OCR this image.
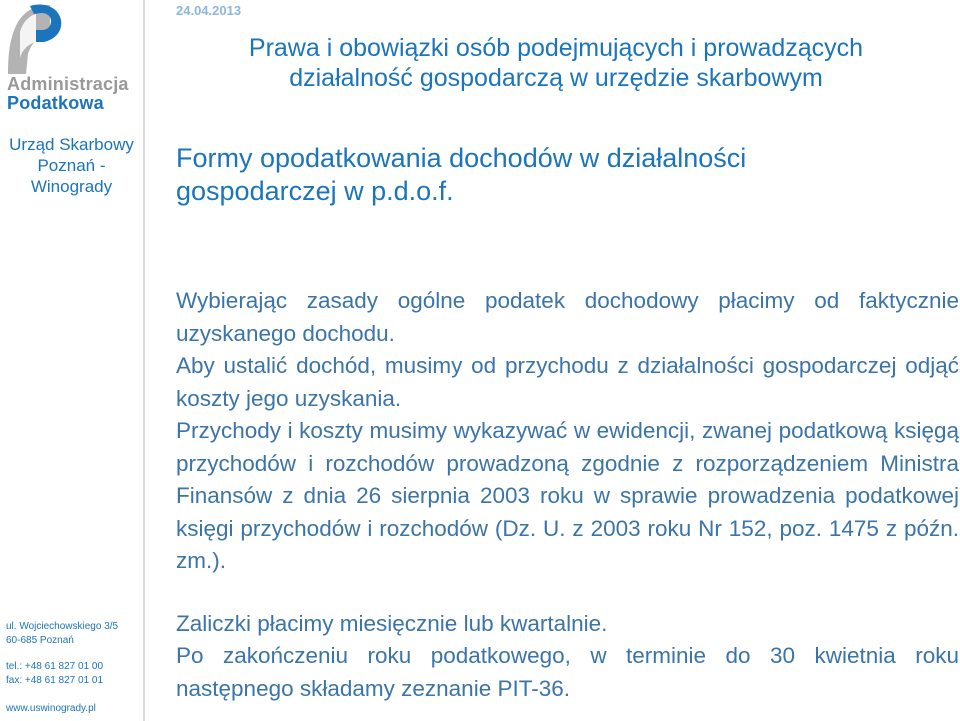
Administracja
Podatkowa
Urząd Skarbowy
Poznań -
Winogrady
ul. Wojciechowskiego 3/5
60-685 Poznań
tel.: +48 61 827 01 00
fax: +48 61 827 01 01
www.uswinogrady.pl
24.04.2013
Prawa i obowiązki osób podejmujących i prowadzących
działalność gospodarczą w urzędzie skarbowym
Formy opodatkowania dochodów w działalności
gospodarczej w p.d.o.f.

Wybierając zasady ogólne podatek dochodowy płacimy od faktycznie uzyskanego dochodu.

Aby ustalić dochód, musimy od przychodu z działalności gospodarczej odjąć koszty jego uzyskania.

Przychody i koszty musimy wykazywać w ewidencji, zwanej podatkową księgą przychodów i rozchodów prowadzoną zgodnie z rozporządzeniem Ministra Finansów z dnia 26 sierpnia 2003 roku w sprawie prowadzenia podatkowej księgi przychodów i rozchodów (Dz. U. z 2003 roku Nr 152, poz. 1475 z późn. zm.).

Zaliczki płacimy miesięcznie lub kwartalnie.

Po zakończeniu roku podatkowego, w terminie do 30 kwietnia roku następnego składamy zeznanie PIT-36.
